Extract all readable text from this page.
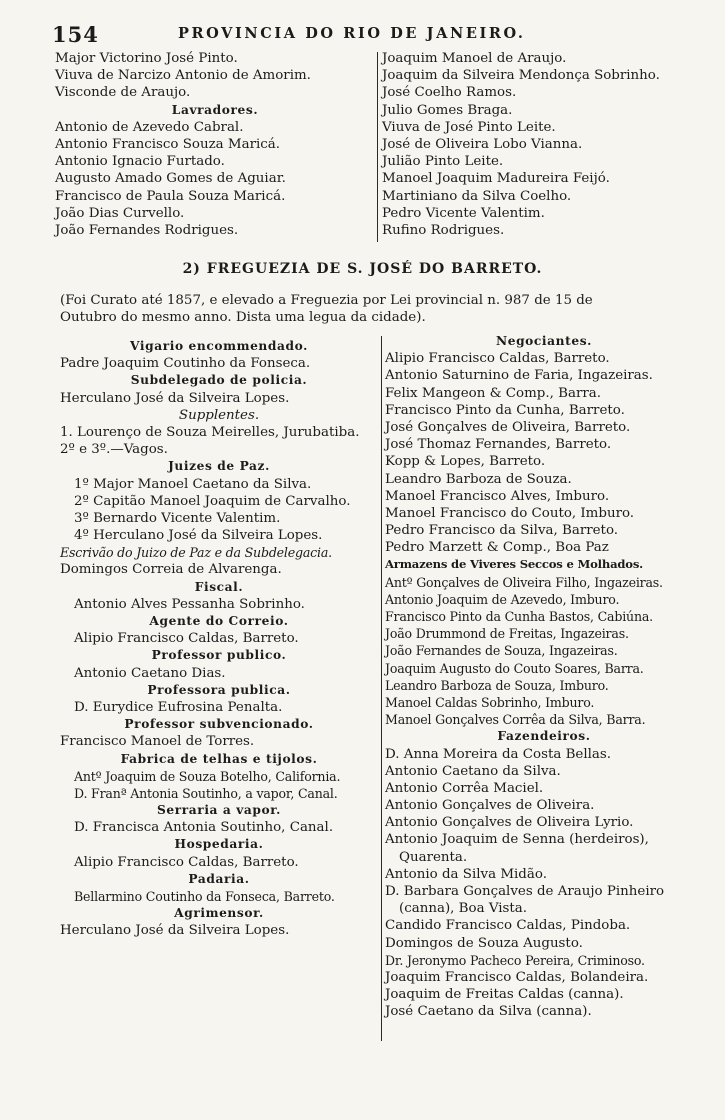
154	PROVINCIA DO RIO DE JANEIRO.
Major Victorino José Pinto.
Viuva de Narcizo Antonio de Amorim.
Visconde de Araujo.
Lavradores.
Antonio de Azevedo Cabral.
Antonio Francisco Souza Maricá.
Antonio Ignacio Furtado.
Augusto Amado Gomes de Aguiar.
Francisco de Paula Souza Maricá.
João Dias Curvello.
João Fernandes Rodrigues.
Joaquim Manoel de Araujo.
Joaquim da Silveira Mendonça Sobrinho.
José Coelho Ramos.
Julio Gomes Braga.
Viuva de José Pinto Leite.
José de Oliveira Lobo Vianna.
Julião Pinto Leite.
Manoel Joaquim Madureira Feijó.
Martiniano da Silva Coelho.
Pedro Vicente Valentim.
Rufino Rodrigues.
2) FREGUEZIA DE S. JOSÉ DO BARRETO.
(Foi Curato até 1857, e elevado a Freguezia por Lei provincial n. 987 de 15 de
Outubro do mesmo anno. Dista uma legua da cidade).
Vigario encommendado.
Padre Joaquim Coutinho da Fonseca.
Subdelegado de policia.
Herculano José da Silveira Lopes.
Supplentes.
1. Lourenço de Souza Meirelles, Jurubatiba.
2º e 3º.—Vagos.
Juizes de Paz.
1º Major Manoel Caetano da Silva.
2º Capitão Manoel Joaquim de Carvalho.
3º Bernardo Vicente Valentim.
4º Herculano José da Silveira Lopes.
Escrivão do Juizo de Paz e da Subdelegacia.
Domingos Correia de Alvarenga.
Fiscal.
Antonio Alves Pessanha Sobrinho.
Agente do Correio.
Alipio Francisco Caldas, Barreto.
Professor publico.
Antonio Caetano Dias.
Professora publica.
D. Eurydice Eufrosina Penalta.
Professor subvencionado.
Francisco Manoel de Torres.
Fabrica de telhas e tijolos.
Antº Joaquim de Souza Botelho, California.
D. Franª Antonia Soutinho, a vapor, Canal.
Serraria a vapor.
D. Francisca Antonia Soutinho, Canal.
Hospedaria.
Alipio Francisco Caldas, Barreto.
Padaria.
Bellarmino Coutinho da Fonseca, Barreto.
Agrimensor.
Herculano José da Silveira Lopes.
Negociantes.
Alipio Francisco Caldas, Barreto.
Antonio Saturnino de Faria, Ingazeiras.
Felix Mangeon & Comp., Barra.
Francisco Pinto da Cunha, Barreto.
José Gonçalves de Oliveira, Barreto.
José Thomaz Fernandes, Barreto.
Kopp & Lopes, Barreto.
Leandro Barboza de Souza.
Manoel Francisco Alves, Imburo.
Manoel Francisco do Couto, Imburo.
Pedro Francisco da Silva, Barreto.
Pedro Marzett & Comp., Boa Paz
Armazens de Viveres Seccos e Molhados.
Antº Gonçalves de Oliveira Filho, Ingazeiras.
Antonio Joaquim de Azevedo, Imburo.
Francisco Pinto da Cunha Bastos, Cabiúna.
João Drummond de Freitas, Ingazeiras.
João Fernandes de Souza, Ingazeiras.
Joaquim Augusto do Couto Soares, Barra.
Leandro Barboza de Souza, Imburo.
Manoel Caldas Sobrinho, Imburo.
Manoel Gonçalves Corrêa da Silva, Barra.
Fazendeiros.
D. Anna Moreira da Costa Bellas.
Antonio Caetano da Silva.
Antonio Corrêa Maciel.
Antonio Gonçalves de Oliveira.
Antonio Gonçalves de Oliveira Lyrio.
Antonio Joaquim de Senna (herdeiros),
Quarenta.
Antonio da Silva Midão.
D. Barbara Gonçalves de Araujo Pinheiro
(canna), Boa Vista.
Candido Francisco Caldas, Pindoba.
Domingos de Souza Augusto.
Dr. Jeronymo Pacheco Pereira, Criminoso.
Joaquim Francisco Caldas, Bolandeira.
Joaquim de Freitas Caldas (canna).
José Caetano da Silva (canna).
